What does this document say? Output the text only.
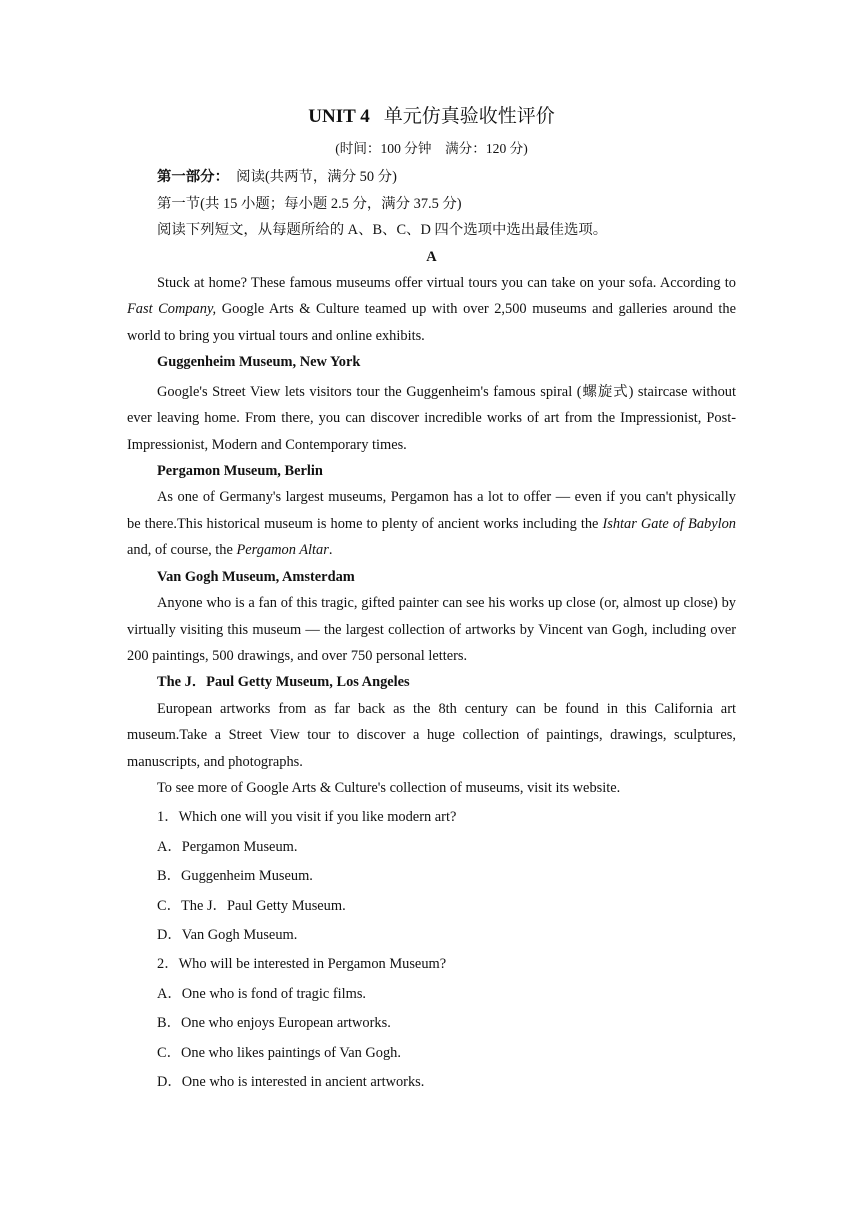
UNIT 4 单元仿真验收性评价

(时间：100 分钟　满分：120 分)

第一部分： 阅读(共两节，满分 50 分)

第一节(共 15 小题；每小题 2.5 分，满分 37.5 分)

阅读下列短文，从每题所给的 A、B、C、D 四个选项中选出最佳选项。

A

Stuck at home? These famous museums offer virtual tours you can take on your sofa. According to Fast Company, Google Arts & Culture teamed up with over 2,500 museums and galleries around the world to bring you virtual tours and online exhibits.

Guggenheim Museum, New York

Google's Street View lets visitors tour the Guggenheim's famous spiral (螺旋式) staircase without ever leaving home. From there, you can discover incredible works of art from the Impressionist, Post-Impressionist, Modern and Contemporary times.

Pergamon Museum, Berlin

As one of Germany's largest museums, Pergamon has a lot to offer — even if you can't physically be there.This historical museum is home to plenty of ancient works including the Ishtar Gate of Babylon and, of course, the Pergamon Altar.

Van Gogh Museum, Amsterdam

Anyone who is a fan of this tragic, gifted painter can see his works up close (or, almost up close) by virtually visiting this museum — the largest collection of artworks by Vincent van Gogh, including over 200 paintings, 500 drawings, and over 750 personal letters.

The J．Paul Getty Museum, Los Angeles

European artworks from as far back as the 8th century can be found in this California art museum.Take a Street View tour to discover a huge collection of paintings, drawings, sculptures, manuscripts, and photographs.

To see more of Google Arts & Culture's collection of museums, visit its website.

1．Which one will you visit if you like modern art?

A．Pergamon Museum.

B．Guggenheim Museum.

C．The J．Paul Getty Museum.

D．Van Gogh Museum.

2．Who will be interested in Pergamon Museum?

A．One who is fond of tragic films.

B．One who enjoys European artworks.

C．One who likes paintings of Van Gogh.

D．One who is interested in ancient artworks.
